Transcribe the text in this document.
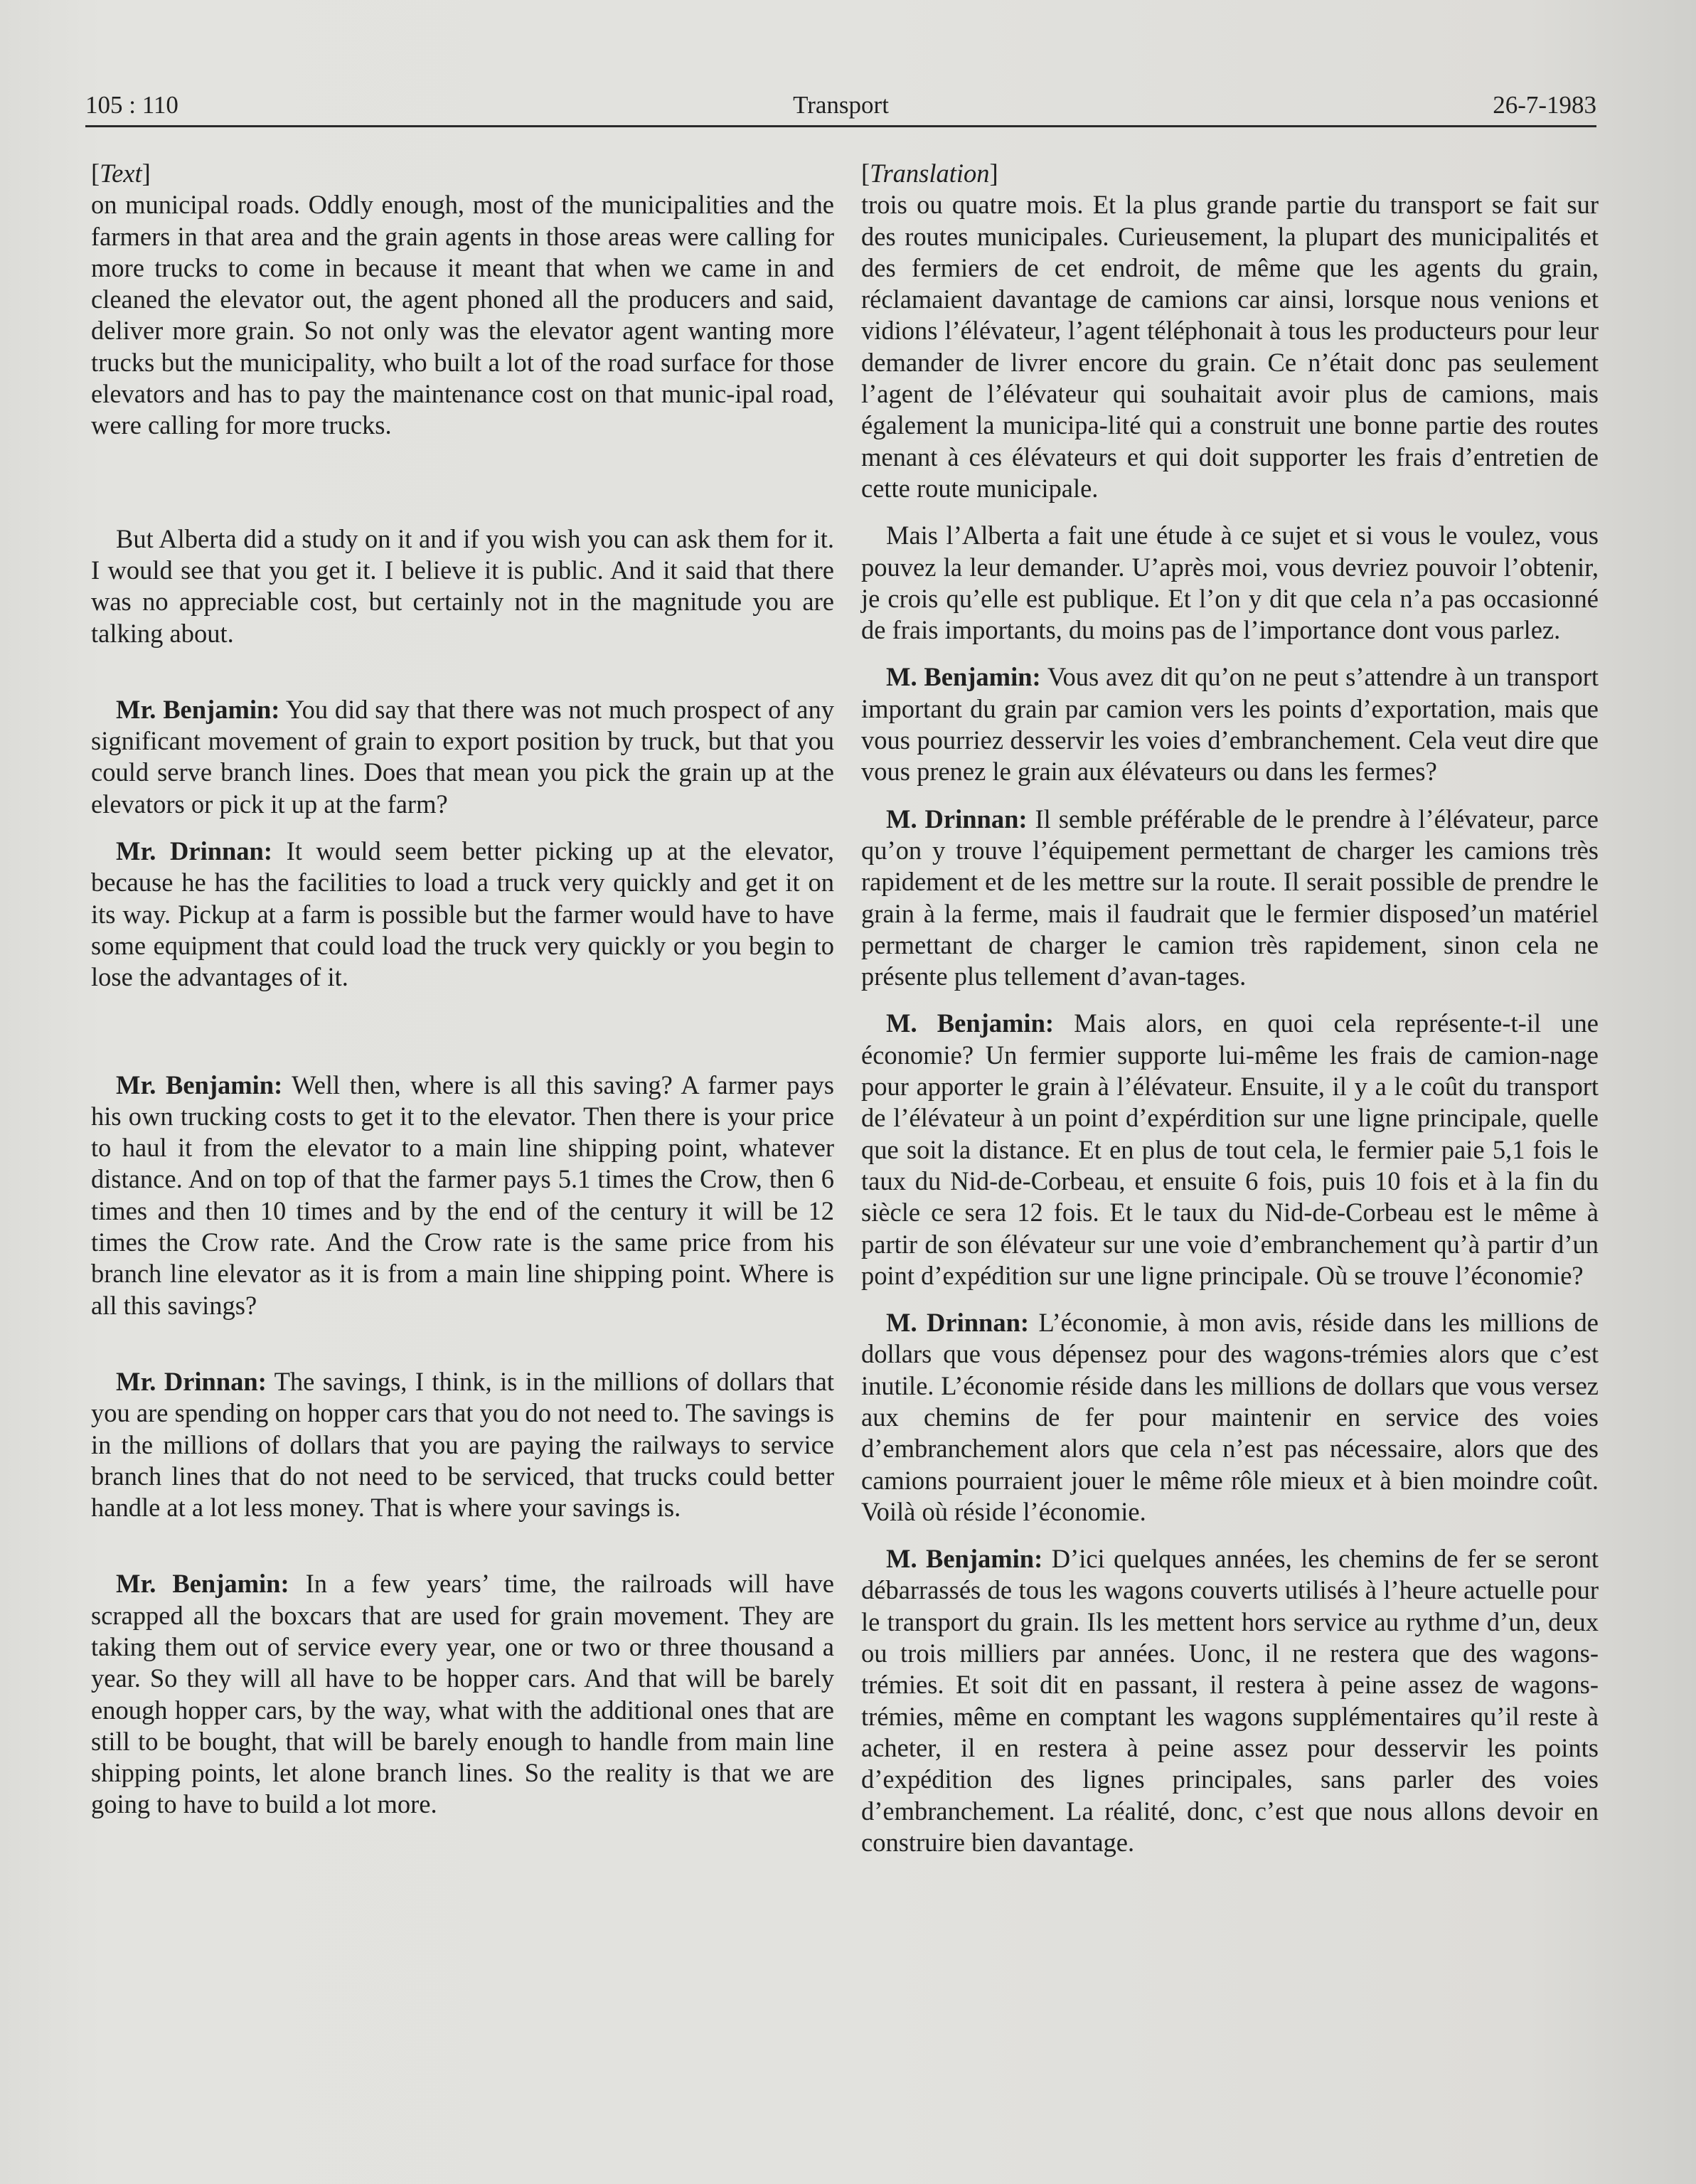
105 : 110	Transport	26-7-1983

[Text]

on municipal roads. Oddly enough, most of the municipalities and the farmers in that area and the grain agents in those areas were calling for more trucks to come in because it meant that when we came in and cleaned the elevator out, the agent phoned all the producers and said, deliver more grain. So not only was the elevator agent wanting more trucks but the municipality, who built a lot of the road surface for those elevators and has to pay the maintenance cost on that munic-ipal road, were calling for more trucks.

But Alberta did a study on it and if you wish you can ask them for it. I would see that you get it. I believe it is public. And it said that there was no appreciable cost, but certainly not in the magnitude you are talking about.

Mr. Benjamin: You did say that there was not much prospect of any significant movement of grain to export position by truck, but that you could serve branch lines. Does that mean you pick the grain up at the elevators or pick it up at the farm?

Mr. Drinnan: It would seem better picking up at the elevator, because he has the facilities to load a truck very quickly and get it on its way. Pickup at a farm is possible but the farmer would have to have some equipment that could load the truck very quickly or you begin to lose the advantages of it.

Mr. Benjamin: Well then, where is all this saving? A farmer pays his own trucking costs to get it to the elevator. Then there is your price to haul it from the elevator to a main line shipping point, whatever distance. And on top of that the farmer pays 5.1 times the Crow, then 6 times and then 10 times and by the end of the century it will be 12 times the Crow rate. And the Crow rate is the same price from his branch line elevator as it is from a main line shipping point. Where is all this savings?

Mr. Drinnan: The savings, I think, is in the millions of dollars that you are spending on hopper cars that you do not need to. The savings is in the millions of dollars that you are paying the railways to service branch lines that do not need to be serviced, that trucks could better handle at a lot less money. That is where your savings is.

Mr. Benjamin: In a few years’ time, the railroads will have scrapped all the boxcars that are used for grain movement. They are taking them out of service every year, one or two or three thousand a year. So they will all have to be hopper cars. And that will be barely enough hopper cars, by the way, what with the additional ones that are still to be bought, that will be barely enough to handle from main line shipping points, let alone branch lines. So the reality is that we are going to have to build a lot more.

[Translation]

trois ou quatre mois. Et la plus grande partie du transport se fait sur des routes municipales. Curieusement, la plupart des municipalités et des fermiers de cet endroit, de même que les agents du grain, réclamaient davantage de camions car ainsi, lorsque nous venions et vidions l’élévateur, l’agent téléphonait à tous les producteurs pour leur demander de livrer encore du grain. Ce n’était donc pas seulement l’agent de l’élévateur qui souhaitait avoir plus de camions, mais également la municipa-lité qui a construit une bonne partie des routes menant à ces élévateurs et qui doit supporter les frais d’entretien de cette route municipale.

Mais l’Alberta a fait une étude à ce sujet et si vous le voulez, vous pouvez la leur demander. U’après moi, vous devriez pouvoir l’obtenir, je crois qu’elle est publique. Et l’on y dit que cela n’a pas occasionné de frais importants, du moins pas de l’importance dont vous parlez.

M. Benjamin: Vous avez dit qu’on ne peut s’attendre à un transport important du grain par camion vers les points d’exportation, mais que vous pourriez desservir les voies d’embranchement. Cela veut dire que vous prenez le grain aux élévateurs ou dans les fermes?

M. Drinnan: Il semble préférable de le prendre à l’élévateur, parce qu’on y trouve l’équipement permettant de charger les camions très rapidement et de les mettre sur la route. Il serait possible de prendre le grain à la ferme, mais il faudrait que le fermier disposed’un matériel permettant de charger le camion très rapidement, sinon cela ne présente plus tellement d’avan-tages.

M. Benjamin: Mais alors, en quoi cela représente-t-il une économie? Un fermier supporte lui-même les frais de camion-nage pour apporter le grain à l’élévateur. Ensuite, il y a le coût du transport de l’élévateur à un point d’expérdition sur une ligne principale, quelle que soit la distance. Et en plus de tout cela, le fermier paie 5,1 fois le taux du Nid-de-Corbeau, et ensuite 6 fois, puis 10 fois et à la fin du siècle ce sera 12 fois. Et le taux du Nid-de-Corbeau est le même à partir de son élévateur sur une voie d’embranchement qu’à partir d’un point d’expédition sur une ligne principale. Où se trouve l’économie?

M. Drinnan: L’économie, à mon avis, réside dans les millions de dollars que vous dépensez pour des wagons-trémies alors que c’est inutile. L’économie réside dans les millions de dollars que vous versez aux chemins de fer pour maintenir en service des voies d’embranchement alors que cela n’est pas nécessaire, alors que des camions pourraient jouer le même rôle mieux et à bien moindre coût. Voilà où réside l’économie.

M. Benjamin: D’ici quelques années, les chemins de fer se seront débarrassés de tous les wagons couverts utilisés à l’heure actuelle pour le transport du grain. Ils les mettent hors service au rythme d’un, deux ou trois milliers par années. Uonc, il ne restera que des wagons-trémies. Et soit dit en passant, il restera à peine assez de wagons-trémies, même en comptant les wagons supplémentaires qu’il reste à acheter, il en restera à peine assez pour desservir les points d’expédition des lignes principales, sans parler des voies d’embranchement. La réalité, donc, c’est que nous allons devoir en construire bien davantage.
